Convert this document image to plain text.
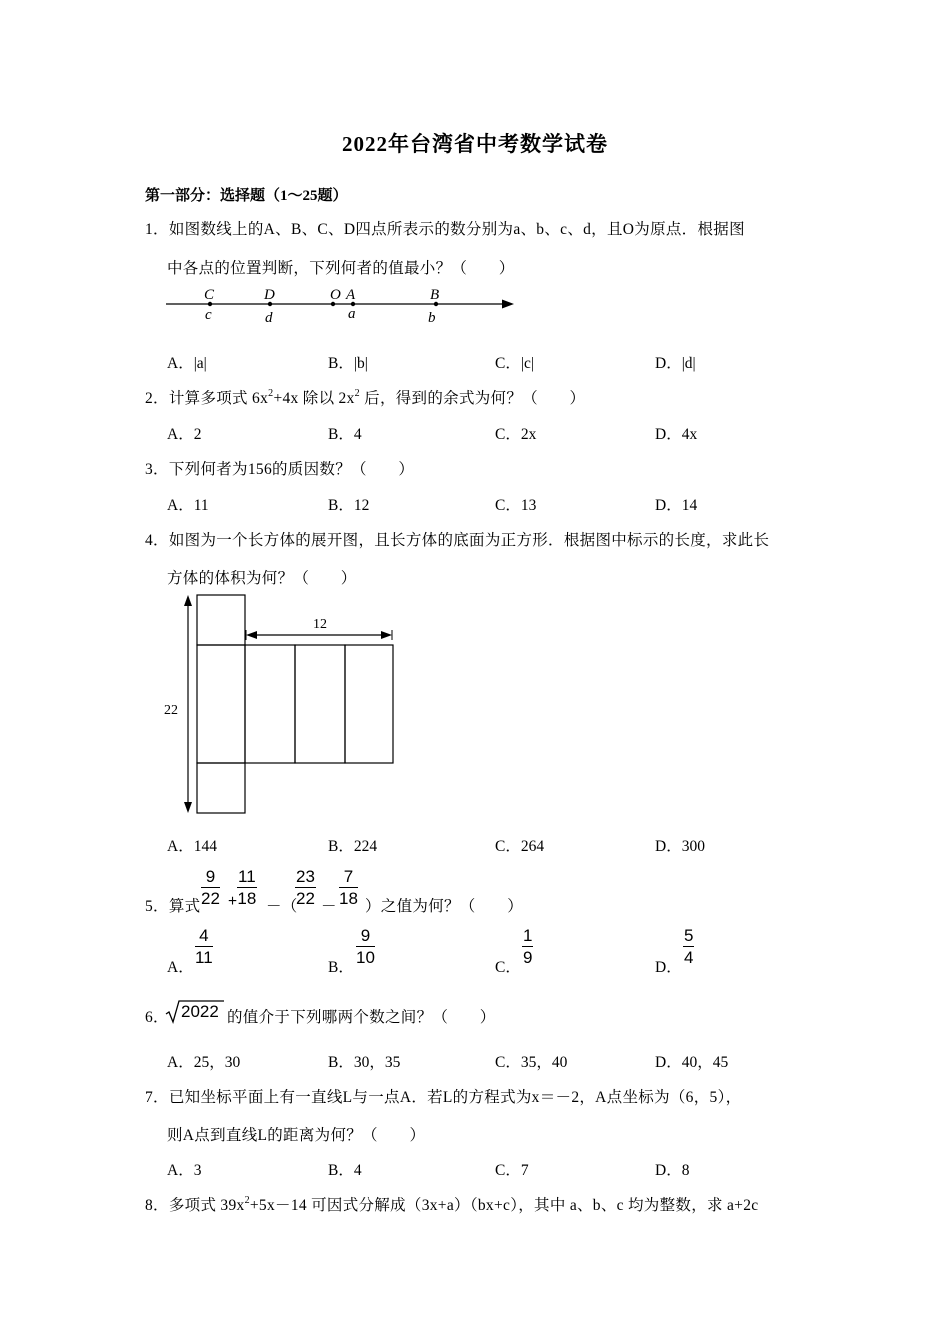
2022年台湾省中考数学试卷
第一部分：选择题（1～25题）
1．如图数线上的A、B、C、D四点所表示的数分别为a、b、c、d，且O为原点．根据图
中各点的位置判断，下列何者的值最小？（　　）
C	D	O A	B
c	d	a	b
A．|a|	B．|b|	C．|c|	D．|d|
2．计算多项式 $6x^2+4x$ 除以 $2x^2$ 后，得到的余式为何？（　　）
A．2	B．4	C．2x	D．4x
3．下列何者为156的质因数？（　　）
A．11	B．12	C．13	D．14
4．如图为一个长方体的展开图，且长方体的底面为正方形．根据图中标示的长度，求此长
方体的体积为何？（　　）
22
12
A．144	B．224	C．264	D．300
5．算式 $\frac{9}{22} + \frac{11}{18}$ －（
$\frac{23}{22} - \frac{7}{18}$ ）之值为何？（　　）
A．
$\frac{4}{11}$
B．
$\frac{9}{10}$
C．
$\frac{1}{9}$
D．
$\frac{5}{4}$
6． 2022 的值介于下列哪两个数之间？（　　）
A．25，30	B．30，35	C．35，40	D．40，45
7．已知坐标平面上有一直线L与一点A．若L的方程式为x＝－2，A点坐标为（6，5），
则A点到直线L的距离为何？（　　）
A．3	B．4	C．7	D．8
8．多项式 $39x^2+5x-14$ 可因式分解成（3x+a）（bx+c），其中 a、b、c 均为整数，求 a+2c
